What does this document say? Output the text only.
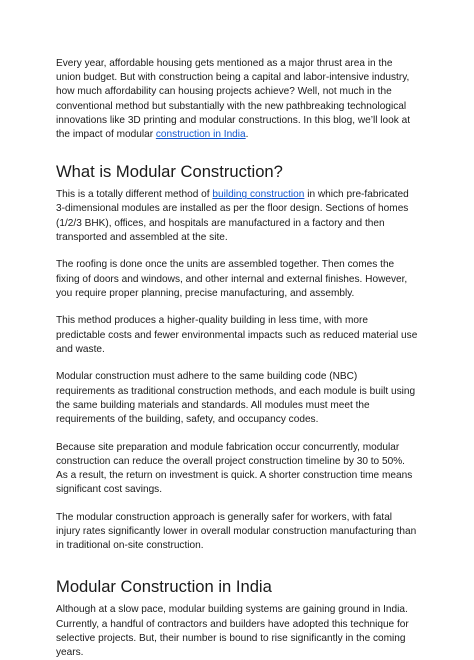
Every year, affordable housing gets mentioned as a major thrust area in the union budget. But with construction being a capital and labor-intensive industry, how much affordability can housing projects achieve? Well, not much in the conventional method but substantially with the new pathbreaking technological innovations like 3D printing and modular constructions. In this blog, we’ll look at the impact of modular construction in India.

What is Modular Construction?

This is a totally different method of building construction in which pre-fabricated 3-dimensional modules are installed as per the floor design. Sections of homes (1/2/3 BHK), offices, and hospitals are manufactured in a factory and then transported and assembled at the site.

The roofing is done once the units are assembled together. Then comes the fixing of doors and windows, and other internal and external finishes. However, you require proper planning, precise manufacturing, and assembly.

This method produces a higher-quality building in less time, with more predictable costs and fewer environmental impacts such as reduced material use and waste.

Modular construction must adhere to the same building code (NBC) requirements as traditional construction methods, and each module is built using the same building materials and standards. All modules must meet the requirements of the building, safety, and occupancy codes.

Because site preparation and module fabrication occur concurrently, modular construction can reduce the overall project construction timeline by 30 to 50%. As a result, the return on investment is quick. A shorter construction time means significant cost savings.

The modular construction approach is generally safer for workers, with fatal injury rates significantly lower in overall modular construction manufacturing than in traditional on-site construction.

Modular Construction in India

Although at a slow pace, modular building systems are gaining ground in India. Currently, a handful of contractors and builders have adopted this technique for selective projects. But, their number is bound to rise significantly in the coming years.
